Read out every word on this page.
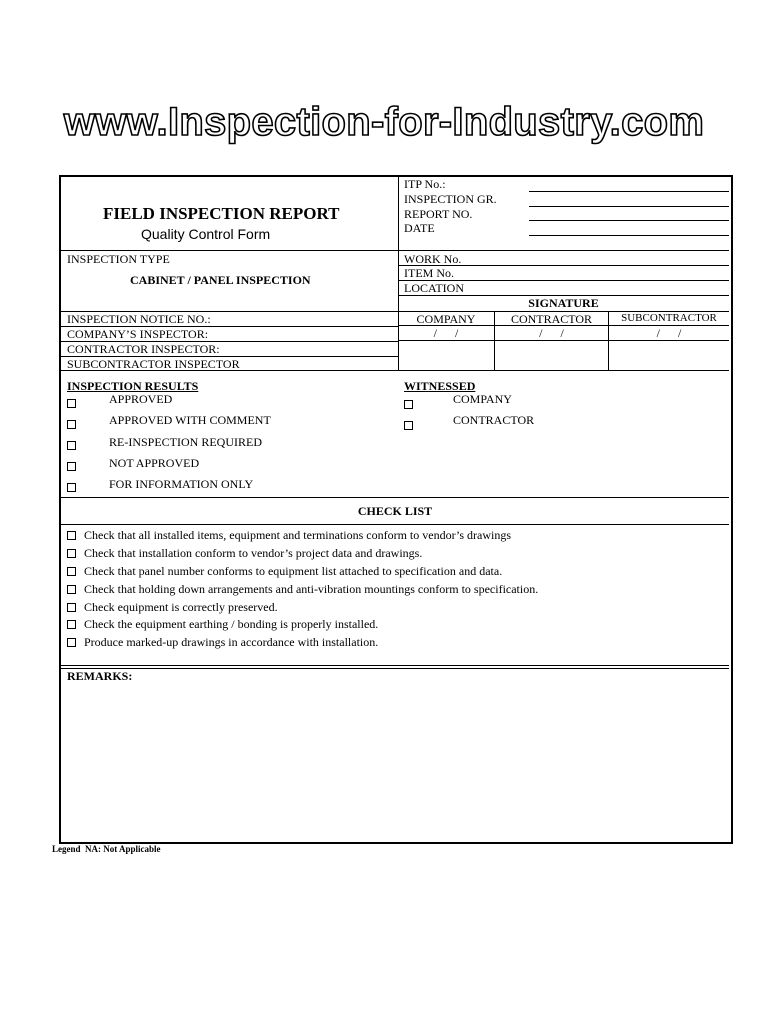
www.Inspection-for-Industry.com
FIELD INSPECTION REPORT
Quality Control Form
ITP No.:
INSPECTION GR.
REPORT NO.
DATE
INSPECTION TYPE
CABINET / PANEL INSPECTION
WORK No.
ITEM No.
LOCATION
SIGNATURE
INSPECTION NOTICE NO.:
COMPANY’S INSPECTOR:
CONTRACTOR INSPECTOR:
SUBCONTRACTOR INSPECTOR
COMPANY	CONTRACTOR	SUBCONTRACTOR
/      /	/      /	/      /
INSPECTION RESULTS
APPROVED
APPROVED WITH COMMENT
RE-INSPECTION REQUIRED
NOT APPROVED
FOR INFORMATION ONLY
WITNESSED
COMPANY
CONTRACTOR
CHECK LIST
Check that all installed items, equipment and terminations conform to vendor’s drawings
Check that installation conform to vendor’s project data and drawings.
Check that panel number conforms to equipment list attached to specification and data.
Check that holding down arrangements and anti-vibration mountings conform to specification.
Check equipment is correctly preserved.
Check the equipment earthing / bonding is properly installed.
Produce marked-up drawings in accordance with installation.
REMARKS:
Legend  NA: Not Applicable
